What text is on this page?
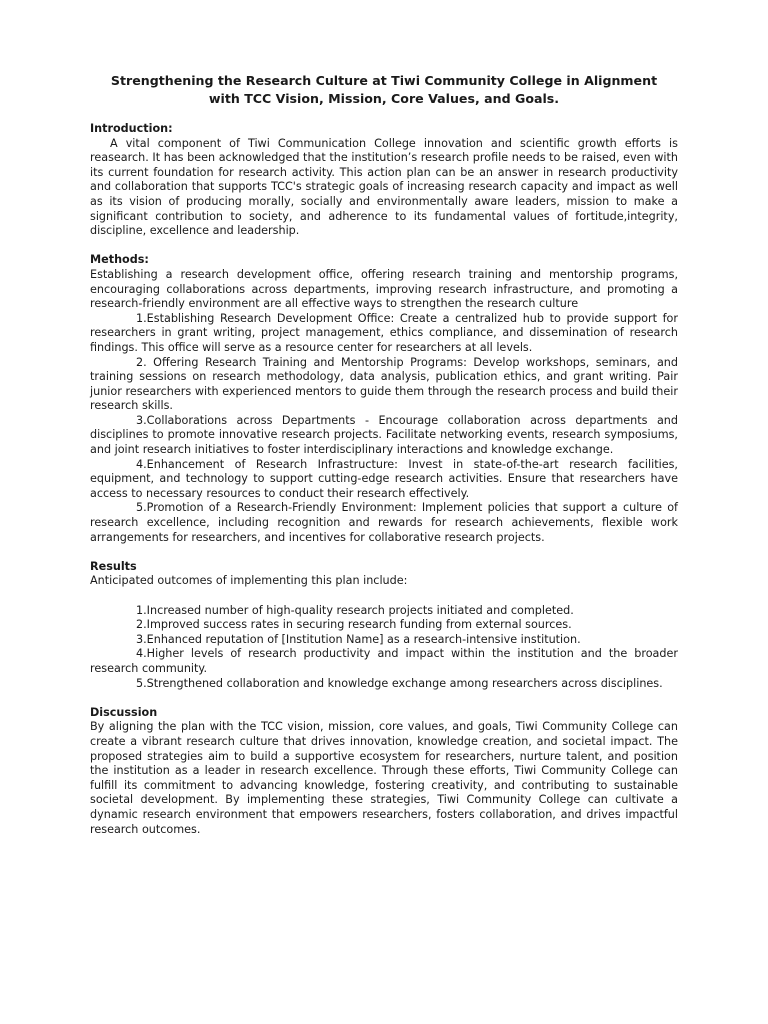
Strengthening the Research Culture at Tiwi Community College in Alignment
with TCC Vision, Mission, Core Values, and Goals.
Introduction:

A vital component of Tiwi Communication College innovation and scientific growth efforts is reasearch. It has been acknowledged that the institution’s research profile needs to be raised, even with its current foundation for research activity. This action plan can be an answer in research productivity and collaboration that supports TCC's strategic goals of increasing research capacity and impact as well as its vision of producing morally, socially and environmentally aware leaders, mission to make a significant contribution to society, and adherence to its fundamental values of fortitude,integrity, discipline, excellence and leadership.

Methods:

Establishing a research development office, offering research training and mentorship programs, encouraging collaborations across departments, improving research infrastructure, and promoting a research-friendly environment are all effective ways to strengthen the research culture

1.Establishing Research Development Office: Create a centralized hub to provide support for researchers in grant writing, project management, ethics compliance, and dissemination of research findings. This office will serve as a resource center for researchers at all levels.
2. Offering Research Training and Mentorship Programs: Develop workshops, seminars, and training sessions on research methodology, data analysis, publication ethics, and grant writing. Pair junior researchers with experienced mentors to guide them through the research process and build their research skills.
3.Collaborations across Departments - Encourage collaboration across departments and disciplines to promote innovative research projects. Facilitate networking events, research symposiums, and joint research initiatives to foster interdisciplinary interactions and knowledge exchange.
4.Enhancement of Research Infrastructure: Invest in state-of-the-art research facilities, equipment, and technology to support cutting-edge research activities. Ensure that researchers have access to necessary resources to conduct their research effectively.
5.Promotion of a Research-Friendly Environment: Implement policies that support a culture of research excellence, including recognition and rewards for research achievements, flexible work arrangements for researchers, and incentives for collaborative research projects.
Results

Anticipated outcomes of implementing this plan include:

1.Increased number of high-quality research projects initiated and completed.
2.Improved success rates in securing research funding from external sources.
3.Enhanced reputation of [Institution Name] as a research-intensive institution.
4.Higher levels of research productivity and impact within the institution and the broader research community.
5.Strengthened collaboration and knowledge exchange among researchers across disciplines.
Discussion

By aligning the plan with the TCC vision, mission, core values, and goals, Tiwi Community College can create a vibrant research culture that drives innovation, knowledge creation, and societal impact. The proposed strategies aim to build a supportive ecosystem for researchers, nurture talent, and position the institution as a leader in research excellence. Through these efforts, Tiwi Community College can fulfill its commitment to advancing knowledge, fostering creativity, and contributing to sustainable societal development. By implementing these strategies, Tiwi Community College can cultivate a dynamic research environment that empowers researchers, fosters collaboration, and drives impactful research outcomes.
